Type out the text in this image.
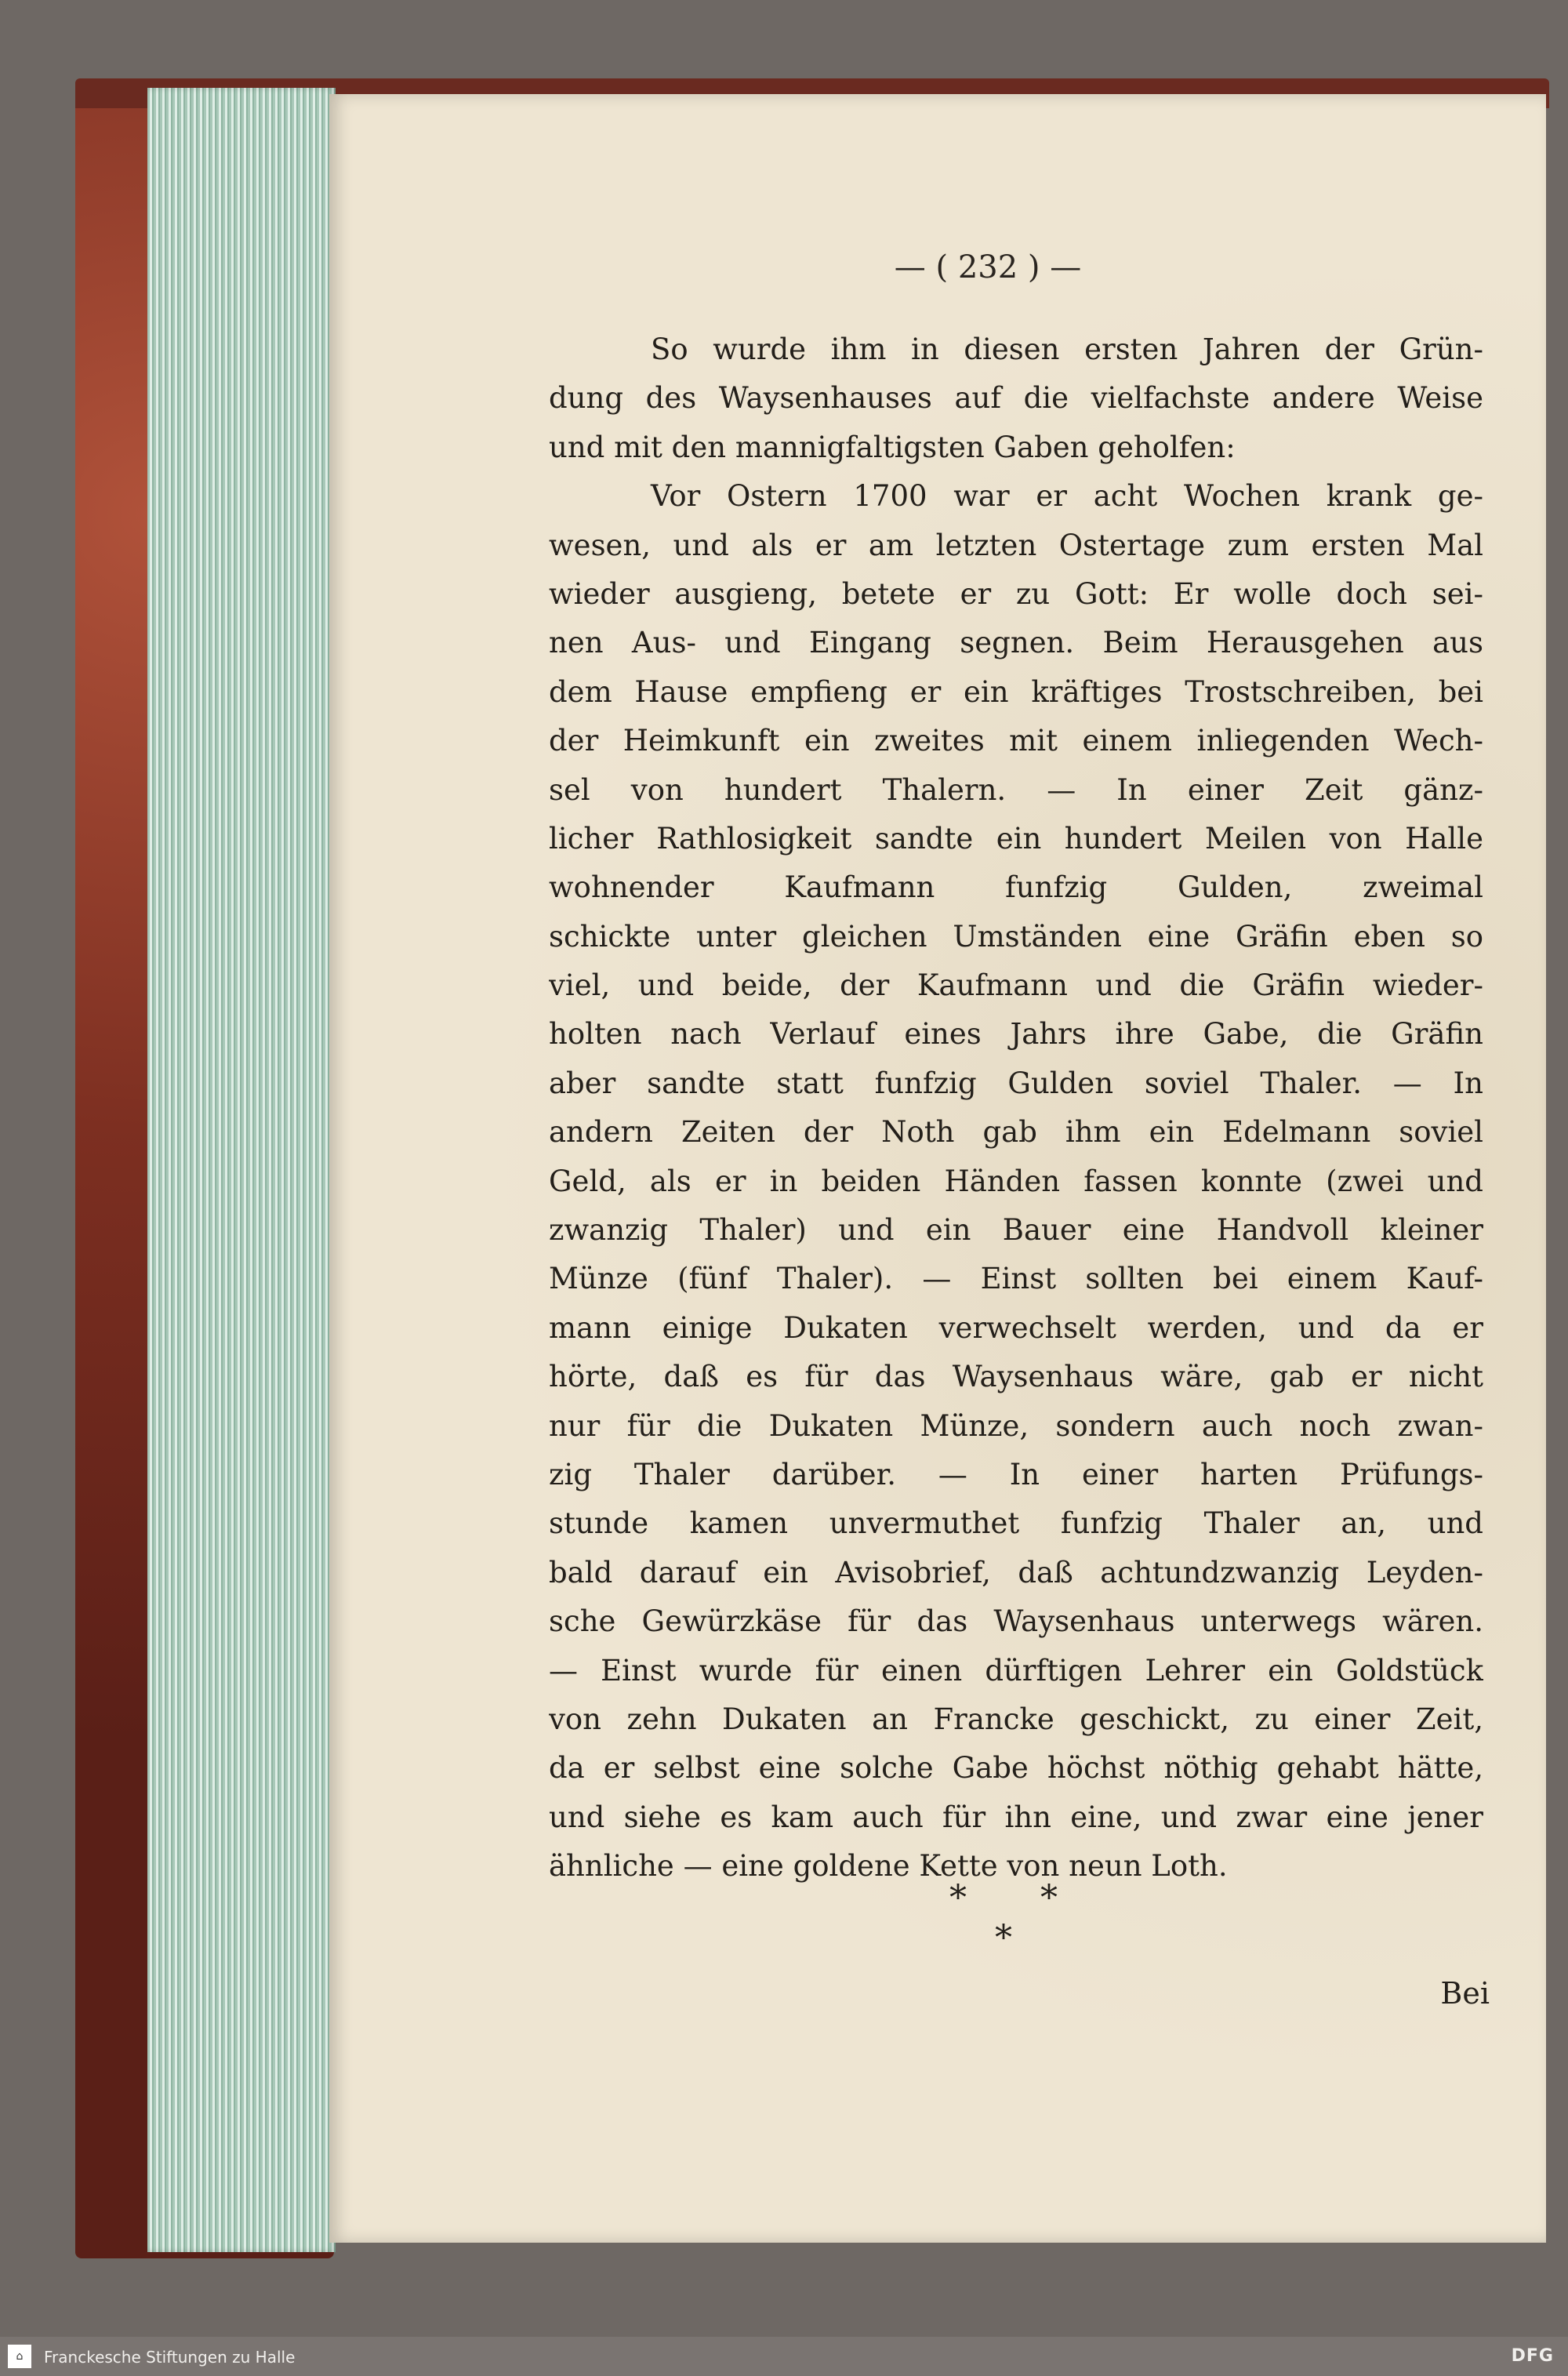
— ( 232 ) —
So wurde ihm in diesen ersten Jahren der Grün-
dung des Waysenhauses auf die vielfachste andere Weise
und mit den mannigfaltigsten Gaben geholfen:
Vor Ostern 1700 war er acht Wochen krank ge-
wesen, und als er am letzten Ostertage zum ersten Mal
wieder ausgieng, betete er zu Gott: Er wolle doch sei-
nen Aus- und Eingang segnen. Beim Herausgehen aus
dem Hause empfieng er ein kräftiges Trostschreiben, bei
der Heimkunft ein zweites mit einem inliegenden Wech-
sel von hundert Thalern. — In einer Zeit gänz-
licher Rathlosigkeit sandte ein hundert Meilen von Halle
wohnender Kaufmann funfzig Gulden, zweimal
schickte unter gleichen Umständen eine Gräfin eben so
viel, und beide, der Kaufmann und die Gräfin wieder-
holten nach Verlauf eines Jahrs ihre Gabe, die Gräfin
aber sandte statt funfzig Gulden soviel Thaler. — In
andern Zeiten der Noth gab ihm ein Edelmann soviel
Geld, als er in beiden Händen fassen konnte (zwei und
zwanzig Thaler) und ein Bauer eine Handvoll kleiner
Münze (fünf Thaler). — Einst sollten bei einem Kauf-
mann einige Dukaten verwechselt werden, und da er
hörte, daß es für das Waysenhaus wäre, gab er nicht
nur für die Dukaten Münze, sondern auch noch zwan-
zig Thaler darüber. — In einer harten Prüfungs-
stunde kamen unvermuthet funfzig Thaler an, und
bald darauf ein Avisobrief, daß achtundzwanzig Leyden-
sche Gewürzkäse für das Waysenhaus unterwegs wären.
— Einst wurde für einen dürftigen Lehrer ein Goldstück
von zehn Dukaten an Francke geschickt, zu einer Zeit,
da er selbst eine solche Gabe höchst nöthig gehabt hätte,
und siehe es kam auch für ihn eine, und zwar eine jener
ähnliche — eine goldene Kette von neun Loth.
* * *
Bei
⌂	Franckesche Stiftungen zu Halle	DFG
